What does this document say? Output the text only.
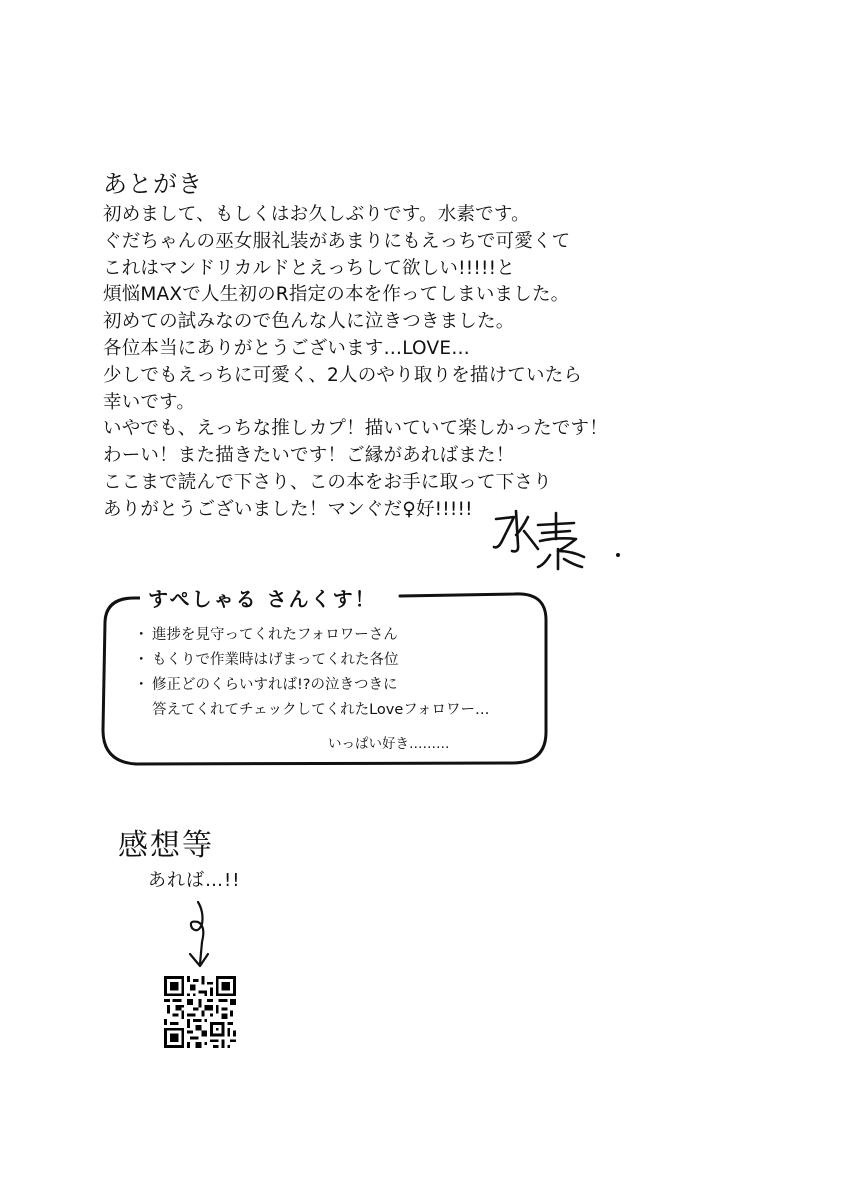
あとがき
初めまして、もしくはお久しぶりです。水素です。
ぐだちゃんの巫女服礼装があまりにもえっちで可愛くて
これはマンドリカルドとえっちして欲しい!!!!!と
煩悩MAXで人生初のR指定の本を作ってしまいました。
初めての試みなので色んな人に泣きつきました。
各位本当にありがとうございます…LOVE…
少しでもえっちに可愛く、2人のやり取りを描けていたら
幸いです。
いやでも、えっちな推しカプ！描いていて楽しかったです！
わーい！また描きたいです！ご縁があればまた！
ここまで読んで下さり、この本をお手に取って下さり
ありがとうございました！マンぐだ♀好!!!!!
すぺしゃる さんくす！
・ 進捗を見守ってくれたフォロワーさん
・ もくりで作業時はげまってくれた各位
・ 修正どのくらいすれば!?の泣きつきに
答えてくれてチェックしてくれたLoveフォロワー…
いっぱい好き………
感想等
あれば…!!
